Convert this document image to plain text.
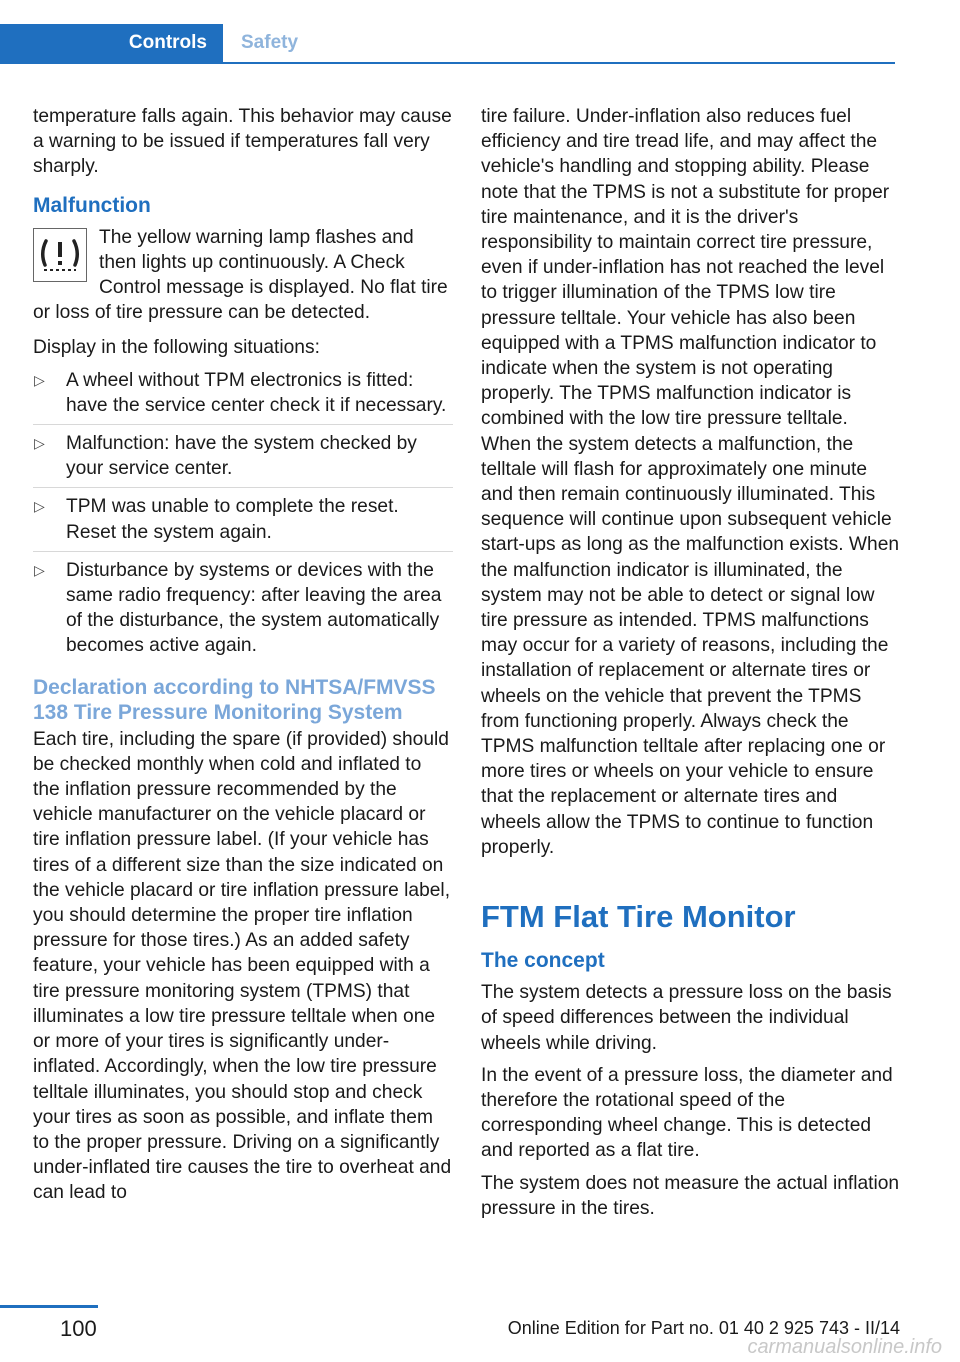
Controls	Safety

temperature falls again. This behavior may cause a warning to be issued if temperatures fall very sharply.

Malfunction
The yellow warning lamp flashes and then lights up continuously. A Check Control message is displayed. No flat tire or loss of tire pressure can be detected.

Display in the following situations:

▷ A wheel without TPM electronics is fitted: have the service center check it if necessary.
▷ Malfunction: have the system checked by your service center.
▷ TPM was unable to complete the reset. Reset the system again.
▷ Disturbance by systems or devices with the same radio frequency: after leaving the area of the disturbance, the system automatically becomes active again.
Declaration according to NHTSA/FMVSS 138 Tire Pressure Monitoring System

Each tire, including the spare (if provided) should be checked monthly when cold and inflated to the inflation pressure recommended by the vehicle manufacturer on the vehicle placard or tire inflation pressure label. (If your vehicle has tires of a different size than the size indicated on the vehicle placard or tire inflation pressure label, you should determine the proper tire inflation pressure for those tires.) As an added safety feature, your vehicle has been equipped with a tire pressure monitoring system (TPMS) that illuminates a low tire pressure telltale when one or more of your tires is significantly under-inflated. Accordingly, when the low tire pressure telltale illuminates, you should stop and check your tires as soon as possible, and inflate them to the proper pressure. Driving on a significantly under-inflated tire causes the tire to overheat and can lead to

tire failure. Under-inflation also reduces fuel efficiency and tire tread life, and may affect the vehicle's handling and stopping ability. Please note that the TPMS is not a substitute for proper tire maintenance, and it is the driver's responsibility to maintain correct tire pressure, even if under-inflation has not reached the level to trigger illumination of the TPMS low tire pressure telltale. Your vehicle has also been equipped with a TPMS malfunction indicator to indicate when the system is not operating properly. The TPMS malfunction indicator is combined with the low tire pressure telltale. When the system detects a malfunction, the telltale will flash for approximately one minute and then remain continuously illuminated. This sequence will continue upon subsequent vehicle start-ups as long as the malfunction exists. When the malfunction indicator is illuminated, the system may not be able to detect or signal low tire pressure as intended. TPMS malfunctions may occur for a variety of reasons, including the installation of replacement or alternate tires or wheels on the vehicle that prevent the TPMS from functioning properly. Always check the TPMS malfunction telltale after replacing one or more tires or wheels on your vehicle to ensure that the replacement or alternate tires and wheels allow the TPMS to continue to function properly.

FTM Flat Tire Monitor
The concept

The system detects a pressure loss on the basis of speed differences between the individual wheels while driving.

In the event of a pressure loss, the diameter and therefore the rotational speed of the corresponding wheel change. This is detected and reported as a flat tire.

The system does not measure the actual inflation pressure in the tires.

100	Online Edition for Part no. 01 40 2 925 743 - II/14
carmanualsonline.info
